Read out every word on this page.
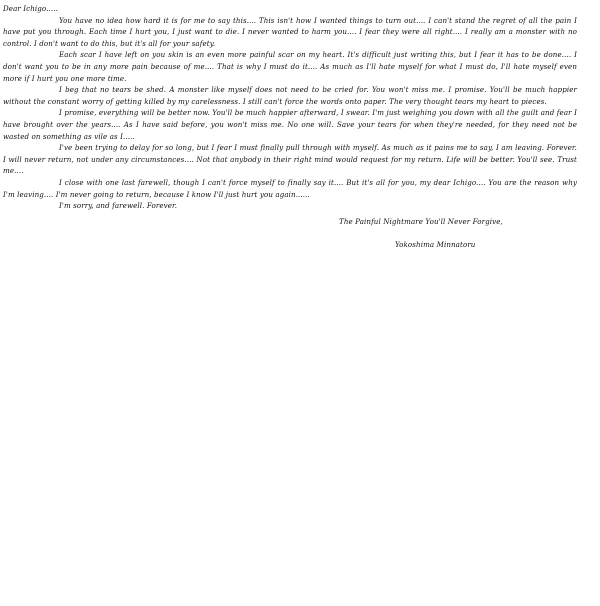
Dear Ichigo.....

You have no idea how hard it is for me to say this.... This isn't how I wanted things to turn out.... I can't stand the regret of all the pain I have put you through. Each time I hurt you, I just want to die. I never wanted to harm you.... I fear they were all right.... I really am a monster with no control. I don't want to do this, but it's all for your safety.

Each scar I have left on you skin is an even more painful scar on my heart. It's difficult just writing this, but I fear it has to be done.... I don't want you to be in any more pain because of me.... That is why I must do it.... As much as I'll hate myself for what I must do, I'll hate myself even more if I hurt you one more time.

I beg that no tears be shed. A monster like myself does not need to be cried for. You won't miss me. I promise. You'll be much happier without the constant worry of getting killed by my carelessness. I still can't force the words onto paper. The very thought tears my heart to pieces.

I promise, everything will be better now. You'll be much happier afterward, I swear. I'm just weighing you down with all the guilt and fear I have brought over the years.... As I have said before, you won't miss me. No one will. Save your tears for when they're needed, for they need not be wasted on something as vile as I.....

I've been trying to delay for so long, but I fear I must finally pull through with myself. As much as it pains me to say, I am leaving. Forever. I will never return, not under any circumstances.... Not that anybody in their right mind would request for my return. Life will be better. You'll see. Trust me....

I close with one last farewell, though I can't force myself to finally say it.... But it's all for you, my dear Ichigo.... You are the reason why I'm leaving.... I'm never going to return, because I know I'll just hurt you again......

I'm sorry, and farewell. Forever.

The Painful Nightmare You'll Never Forgive,

Yokoshima Minnatoru
